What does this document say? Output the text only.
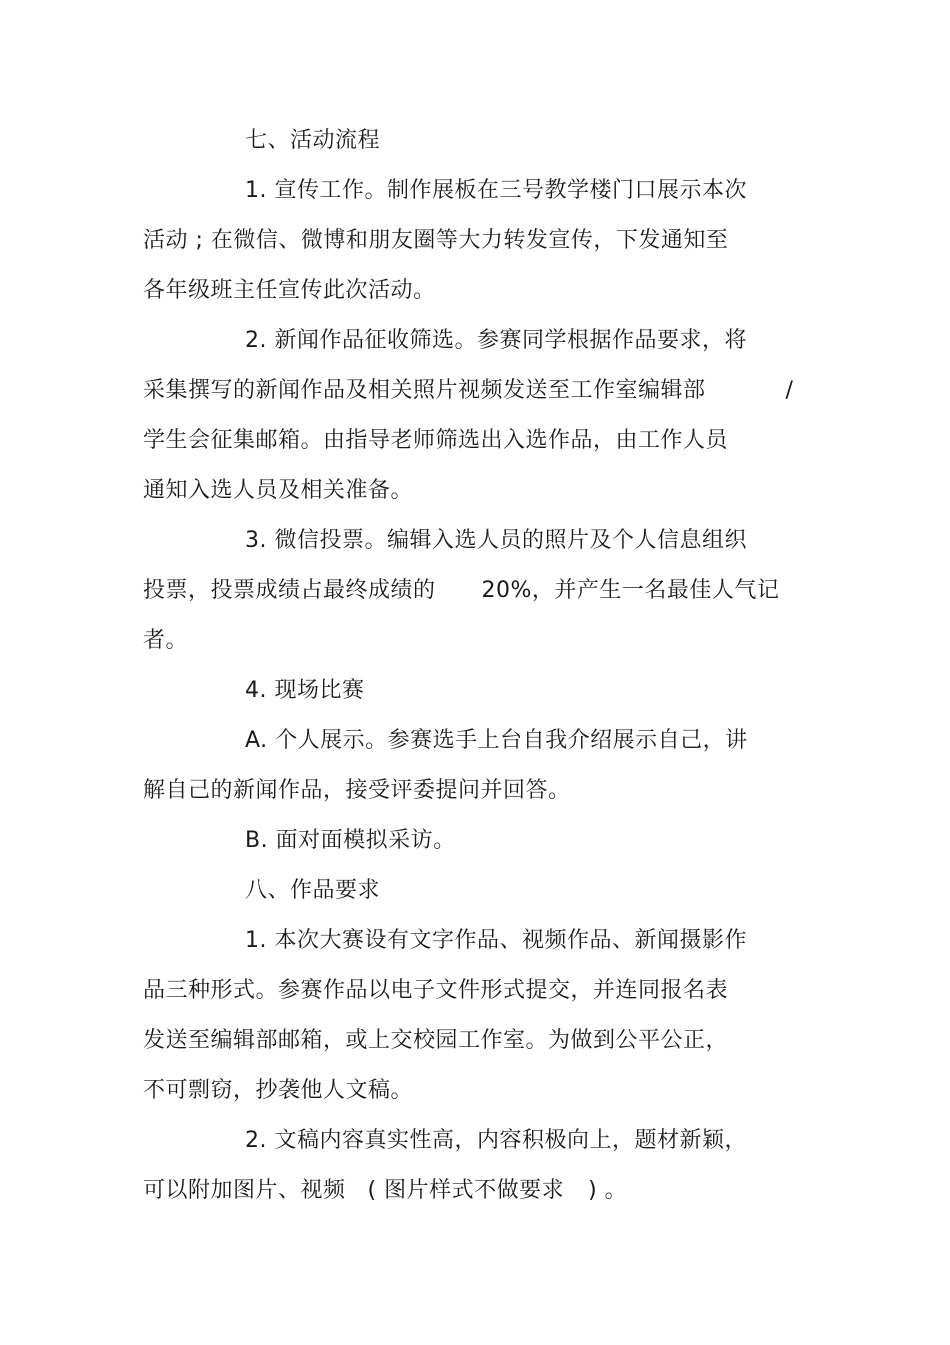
七、活动流程
1. 宣传工作。制作展板在三号教学楼门口展示本次
活动 ; 在微信、微博和朋友圈等大力转发宣传，下发通知至
各年级班主任宣传此次活动。
2. 新闻作品征收筛选。参赛同学根据作品要求，将
采集撰写的新闻作品及相关照片视频发送至工作室编辑部	/
学生会征集邮箱。由指导老师筛选出入选作品，由工作人员
通知入选人员及相关准备。
3. 微信投票。编辑入选人员的照片及个人信息组织
投票，投票成绩占最终成绩的 20%，并产生一名最佳人气记
者。
4. 现场比赛
A. 个人展示。参赛选手上台自我介绍展示自己，讲
解自己的新闻作品，接受评委提问并回答。
B. 面对面模拟采访。
八、作品要求
1. 本次大赛设有文字作品、视频作品、新闻摄影作
品三种形式。参赛作品以电子文件形式提交，并连同报名表
发送至编辑部邮箱，或上交校园工作室。为做到公平公正，
不可剽窃，抄袭他人文稿。
2. 文稿内容真实性高，内容积极向上，题材新颖，
可以附加图片、视频 ( 图片样式不做要求 ) 。
